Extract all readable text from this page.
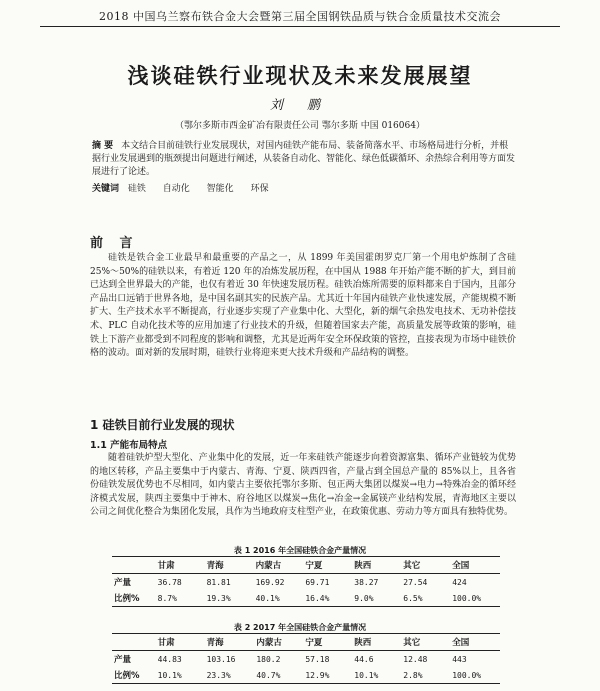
2018 中国乌兰察布铁合金大会暨第三届全国钢铁品质与铁合金质量技术交流会
浅谈硅铁行业现状及未来发展展望
刘 鹏
（鄂尔多斯市西金矿冶有限责任公司 鄂尔多斯 中国 016064）
摘 要 本文结合目前硅铁行业发展现状，对国内硅铁产能布局、装备简落水平、市场格局进行分析，并根据行业发展遇到的瓶颈提出问题进行阐述，从装备自动化、智能化、绿色低碳循环、余热综合利用等方面发展进行了论述。
关键词 硅铁 自动化 智能化 环保
前 言
硅铁是铁合金工业最早和最重要的产品之一，从 1899 年美国霍朗罗克厂第一个用电炉炼制了含硅 25%～50%的硅铁以来，有着近 120 年的冶炼发展历程，在中国从 1988 年开始产能不断的扩大，到目前已达到全世界最大的产能，也仅有着近 30 年快速发展历程。硅铁冶炼所需要的原料都来自于国内，且部分产品出口远销于世界各地，是中国名副其实的民族产品。尤其近十年国内硅铁产业快速发展，产能规模不断扩大、生产技术水平不断提高，行业逐步实现了产业集中化、大型化，新的烟气余热发电技术、无功补偿技术、PLC 自动化技术等的应用加速了行业技术的升级，但随着国家去产能，高质量发展等政策的影响，硅铁上下游产业都受到不同程度的影响和调整，尤其是近两年安全环保政策的管控，直接表现为市场中硅铁价格的波动。面对新的发展时期，硅铁行业将迎来更大技术升级和产品结构的调整。
1 硅铁目前行业发展的现状
1.1 产能布局特点
随着硅铁炉型大型化、产业集中化的发展，近一年来硅铁产能逐步向着资源富集、循环产业链较为优势的地区转移，产品主要集中于内蒙古、青海、宁夏、陕西四省，产量占到全国总产量的 85%以上，且各省份硅铁发展优势也不尽相同，如内蒙古主要依托鄂尔多斯、包正两大集团以煤炭→电力→特殊冶金的循环经济模式发展，陕西主要集中于神木、府谷地区以煤炭→焦化→冶金→金属镁产业结构发展，青海地区主要以公司之间优化整合为集团化发展，具作为当地政府支柱型产业，在政策优惠、劳动力等方面具有独特优势。
表 1 2016 年全国硅铁合金产量情况
	甘肃	青海	内蒙古	宁夏	陕西	其它	全国
产量	36.78	81.81	169.92	69.71	38.27	27.54	424
比例%	8.7%	19.3%	40.1%	16.4%	9.0%	6.5%	100.0%
表 2 2017 年全国硅铁合金产量情况
	甘肃	青海	内蒙古	宁夏	陕西	其它	全国
产量	44.83	103.16	180.2	57.18	44.6	12.48	443
比例%	10.1%	23.3%	40.7%	12.9%	10.1%	2.8%	100.0%
